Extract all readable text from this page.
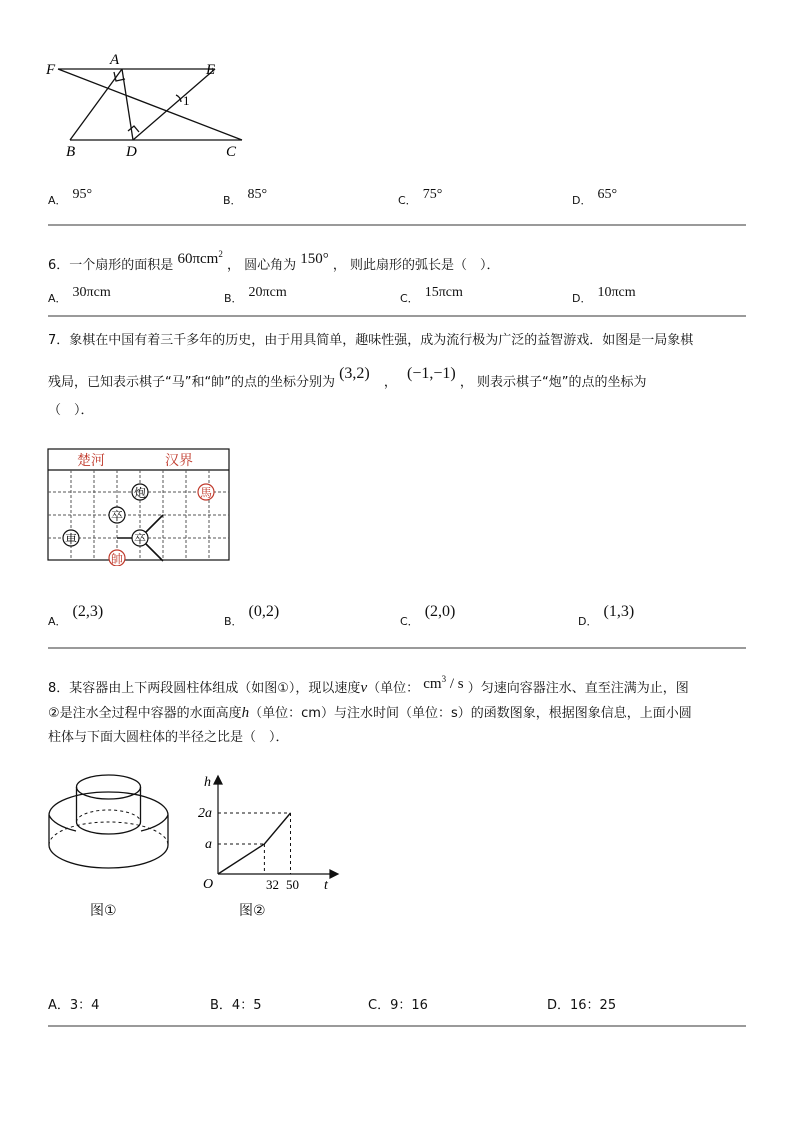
F
A
E
1
B	D	C
A． 95°	B． 85°	C． 75°	D． 65°
6．一个扇形的面积是 60πcm$^2$ ， 圆心角为 150° ， 则此扇形的弧长是（　）．
A． 30πcm	B． 20πcm	C． 15πcm	D． 10πcm
7．象棋在中国有着三千多年的历史，由于用具简单，趣味性强，成为流行极为广泛的益智游戏．如图是一局象棋
残局，已知表示棋子“马”和“帥”的点的坐标分别为 (3,2) ， (−1,−1) ， 则表示棋子“炮”的点的坐标为
（　）．
楚河	汉界
炮	馬
卒
卒
車
帥
A．(2,3)
B．(0,2)
C．(2,0)
D．(1,3)
8．某容器由上下两段圆柱体组成（如图①），现以速度v（单位： $cm^3$ / s ）匀速向容器注水、直至注满为止，图
②是注水全过程中容器的水面高度h（单位：cm）与注水时间（单位：s）的函数图象，根据图象信息，上面小圆
柱体与下面大圆柱体的半径之比是（　）．
图①
h
t
O
a
2a
32 50
图②
A．3：4	B．4：5	C．9：16	D．16：25
